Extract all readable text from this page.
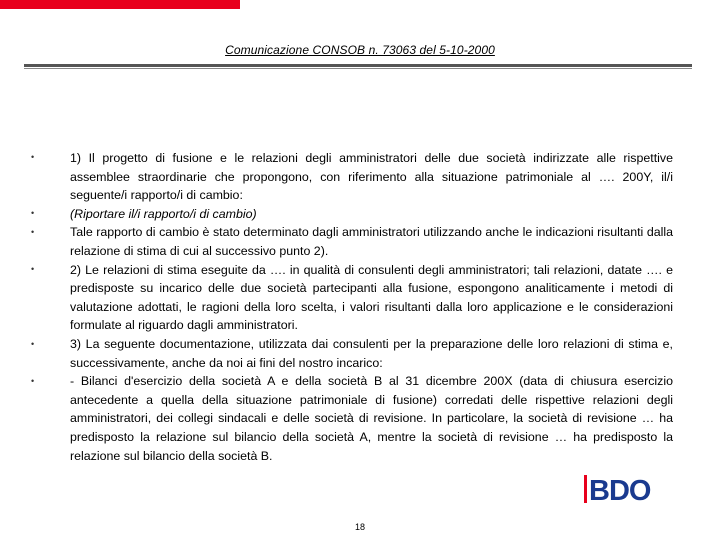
Comunicazione CONSOB n. 73063 del 5-10-2000
•
•
•
•
•
•

1) Il progetto di fusione e le relazioni degli amministratori delle due società indirizzate alle rispettive assemblee straordinarie che propongono, con riferimento alla situazione patrimoniale al …. 200Y, il/i seguente/i rapporto/i di cambio:

(Riportare il/i rapporto/i di cambio)

Tale rapporto di cambio è stato determinato dagli amministratori utilizzando anche le indicazioni risultanti dalla relazione di stima di cui al successivo punto 2).

2) Le relazioni di stima eseguite da …. in qualità di consulenti degli amministratori; tali relazioni, datate …. e predisposte su incarico delle due società partecipanti alla fusione, espongono analiticamente i metodi di valutazione adottati, le ragioni della loro scelta, i valori risultanti dalla loro applicazione e le considerazioni formulate al riguardo dagli amministratori.

3) La seguente documentazione, utilizzata dai consulenti per la preparazione delle loro relazioni di stima e, successivamente, anche da noi ai fini del nostro incarico:

- Bilanci d'esercizio della società A e della società B al 31 dicembre 200X (data di chiusura esercizio antecedente a quella della situazione patrimoniale di fusione) corredati delle rispettive relazioni degli amministratori, dei collegi sindacali e delle società di revisione. In particolare, la società di revisione … ha predisposto la relazione sul bilancio della società A, mentre la società di revisione … ha predisposto la relazione sul bilancio della società B.

BDO
18
